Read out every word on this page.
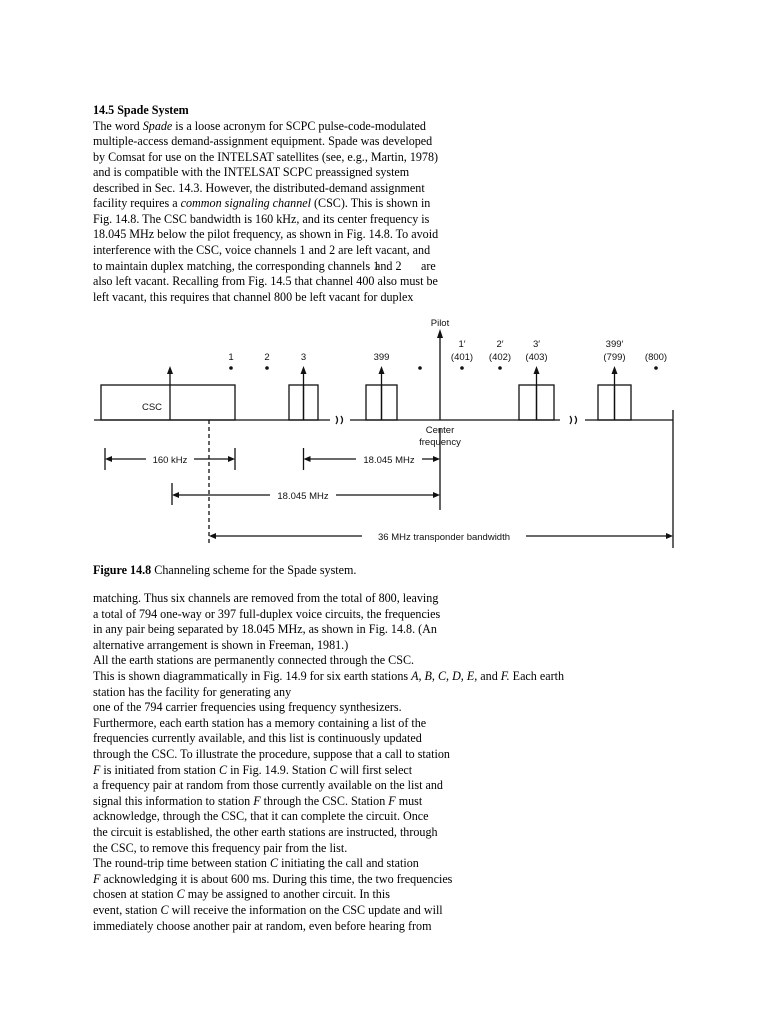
14.5 Spade System
The word Spade is a loose acronym for SCPC pulse-code-modulated
multiple-access demand-assignment equipment. Spade was developed
by Comsat for use on the INTELSAT satellites (see, e.g., Martin, 1978)
and is compatible with the INTELSAT SCPC preassigned system
described in Sec. 14.3. However, the distributed-demand assignment
facility requires a common signaling channel (CSC). This is shown in
Fig. 14.8. The CSC bandwidth is 160 kHz, and its center frequency is
18.045 MHz below the pilot frequency, as shown in Fig. 14.8. To avoid
interference with the CSC, voice channels 1 and 2 are left vacant, and
to maintain duplex matching, the corresponding channels 1
and 2 are
also left vacant. Recalling from Fig. 14.5 that channel 400 also must be
left vacant, this requires that channel 800 be left vacant for duplex
Pilot
1	2	3	399
1′	2′	3′	399′
(401) (402) (403)	(799) (800)
CSC
Center
frequency
160 kHz	18.045 MHz
18.045 MHz
36 MHz transponder bandwidth
Figure 14.8 Channeling scheme for the Spade system.
matching. Thus six channels are removed from the total of 800, leaving
a total of 794 one-way or 397 full-duplex voice circuits, the frequencies
in any pair being separated by 18.045 MHz, as shown in Fig. 14.8. (An
alternative arrangement is shown in Freeman, 1981.)
All the earth stations are permanently connected through the CSC.
This is shown diagrammatically in Fig. 14.9 for six earth stations A, B, C, D, E, and F. Each earth
station has the facility for generating any
one of the 794 carrier frequencies using frequency synthesizers.
Furthermore, each earth station has a memory containing a list of the
frequencies currently available, and this list is continuously updated
through the CSC. To illustrate the procedure, suppose that a call to station
F is initiated from station C in Fig. 14.9. Station C will first select
a frequency pair at random from those currently available on the list and
signal this information to station F through the CSC. Station F must
acknowledge, through the CSC, that it can complete the circuit. Once
the circuit is established, the other earth stations are instructed, through
the CSC, to remove this frequency pair from the list.
The round-trip time between station C initiating the call and station
F acknowledging it is about 600 ms. During this time, the two frequencies
chosen at station C may be assigned to another circuit. In this
event, station C will receive the information on the CSC update and will
immediately choose another pair at random, even before hearing from
